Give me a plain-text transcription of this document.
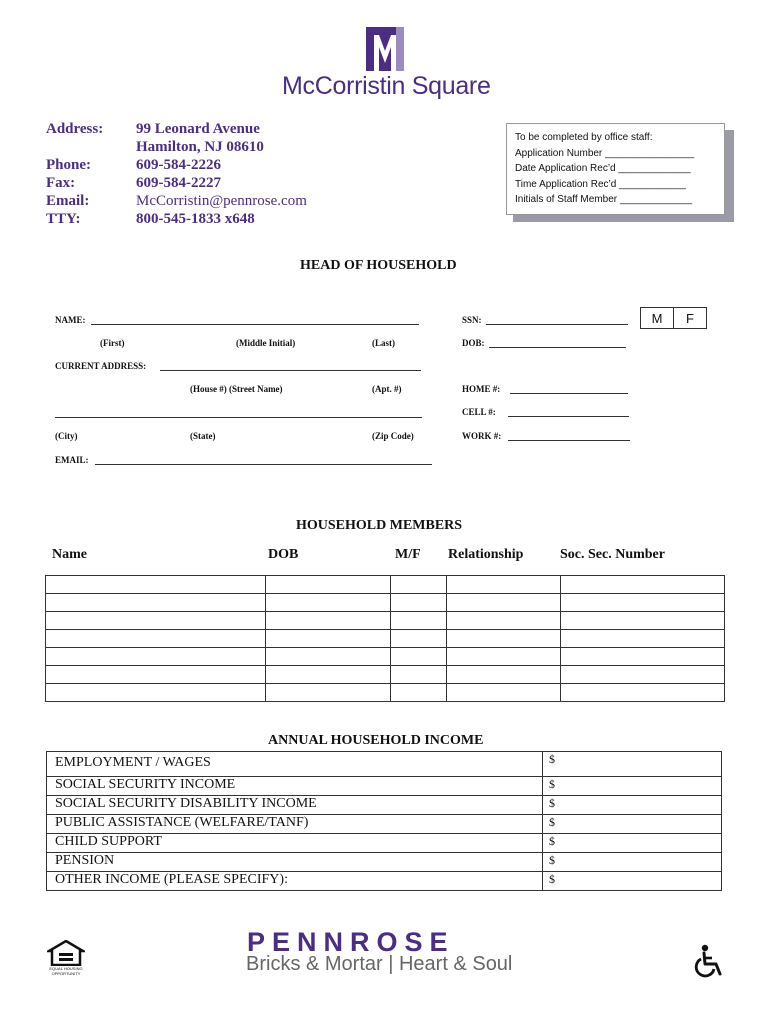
McCorristin Square
Address: 99 Leonard Avenue
Hamilton, NJ 08610
Phone:	609-584-2226
Fax:	609-584-2227
Email:	McCorristin@pennrose.com
TTY:	800-545-1833 x648
To be completed by office staff:
Application Number ________________
Date Application Rec’d _____________
Time Application Rec’d ____________
Initials of Staff Member _____________
HEAD OF HOUSEHOLD
NAME:	SSN:	M	F
(First)	(Middle Initial)	(Last)	DOB:
CURRENT ADDRESS:
(House #) (Street Name)	(Apt. #)	HOME #:
CELL #:
(City)	(State)	(Zip Code)	WORK #:
EMAIL:
HOUSEHOLD MEMBERS
Name	DOB	M/F Relationship	Soc. Sec. Number

ANNUAL HOUSEHOLD INCOME
EMPLOYMENT / WAGES	$
SOCIAL SECURITY INCOME	$
SOCIAL SECURITY DISABILITY INCOME	$
PUBLIC ASSISTANCE (WELFARE/TANF)	$
CHILD SUPPORT	$
PENSION	$
OTHER INCOME (PLEASE SPECIFY):	$
EQUAL HOUSING OPPORTUNITY
PENNROSE
Bricks & Mortar | Heart & Soul
